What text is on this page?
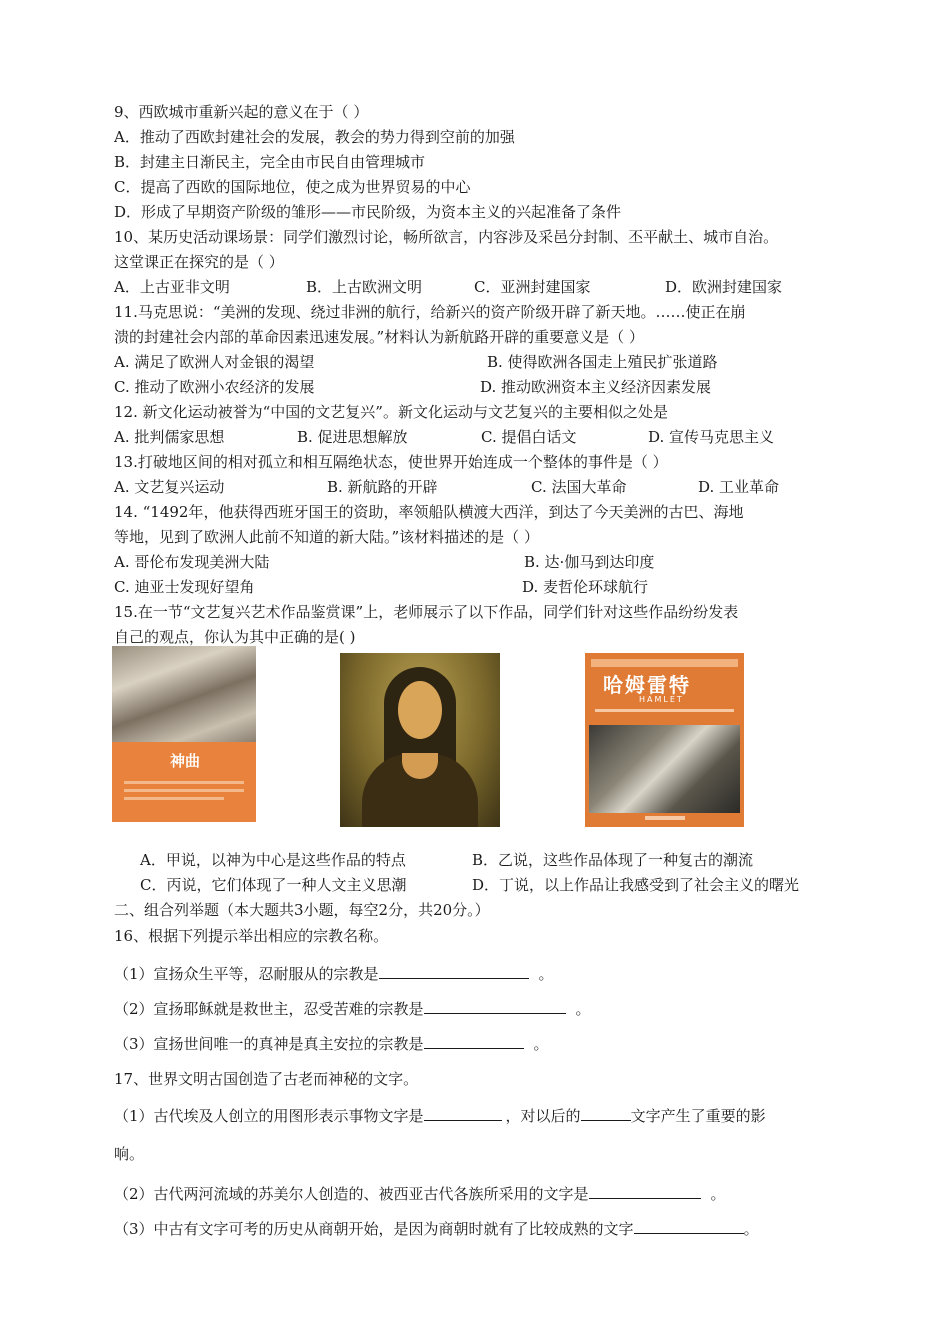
9、西欧城市重新兴起的意义在于（ ）
A．推动了西欧封建社会的发展，教会的势力得到空前的加强
B．封建主日渐民主，完全由市民自由管理城市
C．提高了西欧的国际地位，使之成为世界贸易的中心
D．形成了早期资产阶级的雏形——市民阶级，为资本主义的兴起准备了条件
10、某历史活动课场景：同学们激烈讨论，畅所欲言，内容涉及采邑分封制、丕平献土、城市自治。
这堂课正在探究的是（ ）
A．上古亚非文明	B．上古欧洲文明	C．亚洲封建国家	D．欧洲封建国家
11.马克思说：“美洲的发现、绕过非洲的航行，给新兴的资产阶级开辟了新天地。……使正在崩
溃的封建社会内部的革命因素迅速发展。”材料认为新航路开辟的重要意义是（ ）
A. 满足了欧洲人对金银的渴望	B. 使得欧洲各国走上殖民扩张道路
C. 推动了欧洲小农经济的发展	D. 推动欧洲资本主义经济因素发展
12. 新文化运动被誉为“中国的文艺复兴”。新文化运动与文艺复兴的主要相似之处是
A. 批判儒家思想	B. 促进思想解放	C. 提倡白话文	D. 宣传马克思主义
13.打破地区间的相对孤立和相互隔绝状态，使世界开始连成一个整体的事件是（ ）
A. 文艺复兴运动	B. 新航路的开辟	C. 法国大革命	D. 工业革命
14. “1492年，他获得西班牙国王的资助，率领船队横渡大西洋，到达了今天美洲的古巴、海地
等地，见到了欧洲人此前不知道的新大陆。”该材料描述的是（ ）
A. 哥伦布发现美洲大陆	B. 达·伽马到达印度
C. 迪亚士发现好望角	D. 麦哲伦环球航行
15.在一节“文艺复兴艺术作品鉴赏课”上，老师展示了以下作品，同学们针对这些作品纷纷发表
自己的观点，你认为其中正确的是( )
神曲
哈姆雷特
HAMLET
A．甲说，以神为中心是这些作品的特点	B．乙说，这些作品体现了一种复古的潮流
C．丙说，它们体现了一种人文主义思潮	D．丁说，以上作品让我感受到了社会主义的曙光
二、组合列举题（本大题共3小题，每空2分，共20分。）
16、根据下列提示举出相应的宗教名称。
（1）宣扬众生平等，忍耐服从的宗教是	。
（2）宣扬耶稣就是救世主，忍受苦难的宗教是	。
（3）宣扬世间唯一的真神是真主安拉的宗教是	。
17、世界文明古国创造了古老而神秘的文字。
（1）古代埃及人创立的用图形表示事物文字是	，对以后的	文字产生了重要的影
响。
（2）古代两河流域的苏美尔人创造的、被西亚古代各族所采用的文字是	。
（3）中古有文字可考的历史从商朝开始，是因为商朝时就有了比较成熟的文字	。
